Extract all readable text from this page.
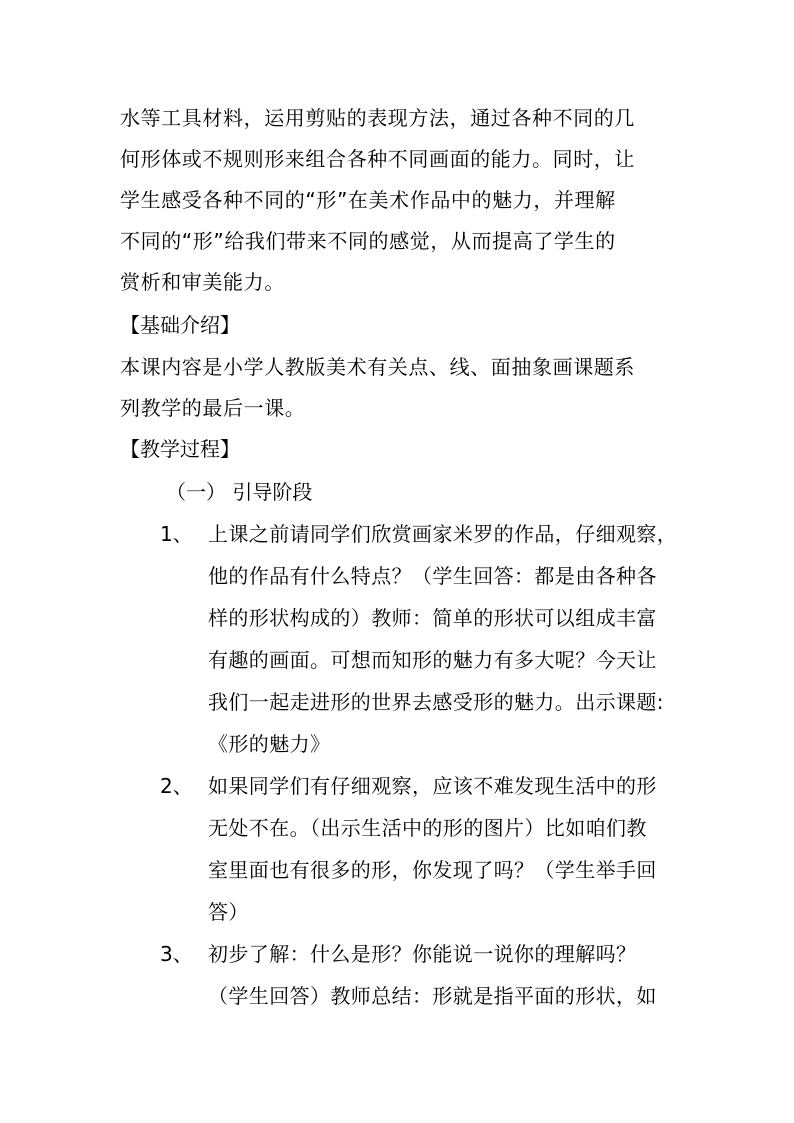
水等工具材料，运用剪贴的表现方法，通过各种不同的几
何形体或不规则形来组合各种不同画面的能力。同时，让
学生感受各种不同的“形”在美术作品中的魅力，并理解
不同的“形”给我们带来不同的感觉，从而提高了学生的
赏析和审美能力。
【基础介绍】
本课内容是小学人教版美术有关点、线、面抽象画课题系
列教学的最后一课。
【教学过程】
（一） 引导阶段
1、 上课之前请同学们欣赏画家米罗的作品，仔细观察，
他的作品有什么特点？（学生回答：都是由各种各
样的形状构成的）教师：简单的形状可以组成丰富
有趣的画面。可想而知形的魅力有多大呢？今天让
我们一起走进形的世界去感受形的魅力。出示课题:
《形的魅力》
2、 如果同学们有仔细观察，应该不难发现生活中的形
无处不在。（出示生活中的形的图片）比如咱们教
室里面也有很多的形，你发现了吗？（学生举手回
答）
3、 初步了解：什么是形？你能说一说你的理解吗？
（学生回答）教师总结：形就是指平面的形状，如
